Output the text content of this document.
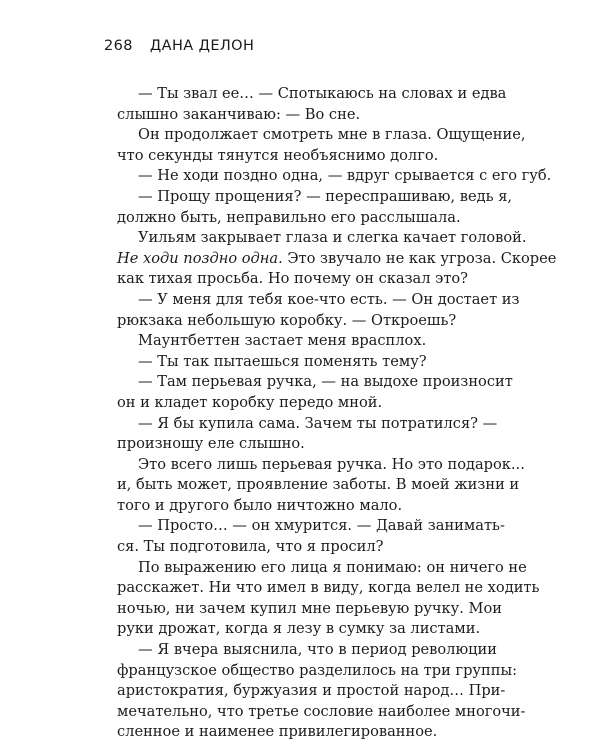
268 ДАНА ДЕЛОН
— Ты звал ее… — Спотыкаюсь на словах и едва
слышно заканчиваю: — Во сне.
Он продолжает смотреть мне в глаза. Ощущение,
что секунды тянутся необъяснимо долго.
— Не ходи поздно одна, — вдруг срывается с его губ.
— Прощу прощения? — переспрашиваю, ведь я,
должно быть, неправильно его расслышала.
Уильям закрывает глаза и слегка качает головой.
Не ходи поздно одна. Это звучало не как угроза. Скорее
как тихая просьба. Но почему он сказал это?
— У меня для тебя кое-что есть. — Он достает из
рюкзака небольшую коробку. — Откроешь?
Маунтбеттен застает меня врасплох.
— Ты так пытаешься поменять тему?
— Там перьевая ручка, — на выдохе произносит
он и кладет коробку передо мной.
— Я бы купила сама. Зачем ты потратился? —
произношу еле слышно.
Это всего лишь перьевая ручка. Но это подарок...
и, быть может, проявление заботы. В моей жизни и
того и другого было ничтожно мало.
— Просто… — он хмурится. — Давай занимать-
ся. Ты подготовила, что я просил?
По выражению его лица я понимаю: он ничего не
расскажет. Ни что имел в виду, когда велел не ходить
ночью, ни зачем купил мне перьевую ручку. Мои
руки дрожат, когда я лезу в сумку за листами.
— Я вчера выяснила, что в период революции
французское общество разделилось на три группы:
аристократия, буржуазия и простой народ… При-
мечательно, что третье сословие наиболее многочи-
сленное и наименее привилегированное.
